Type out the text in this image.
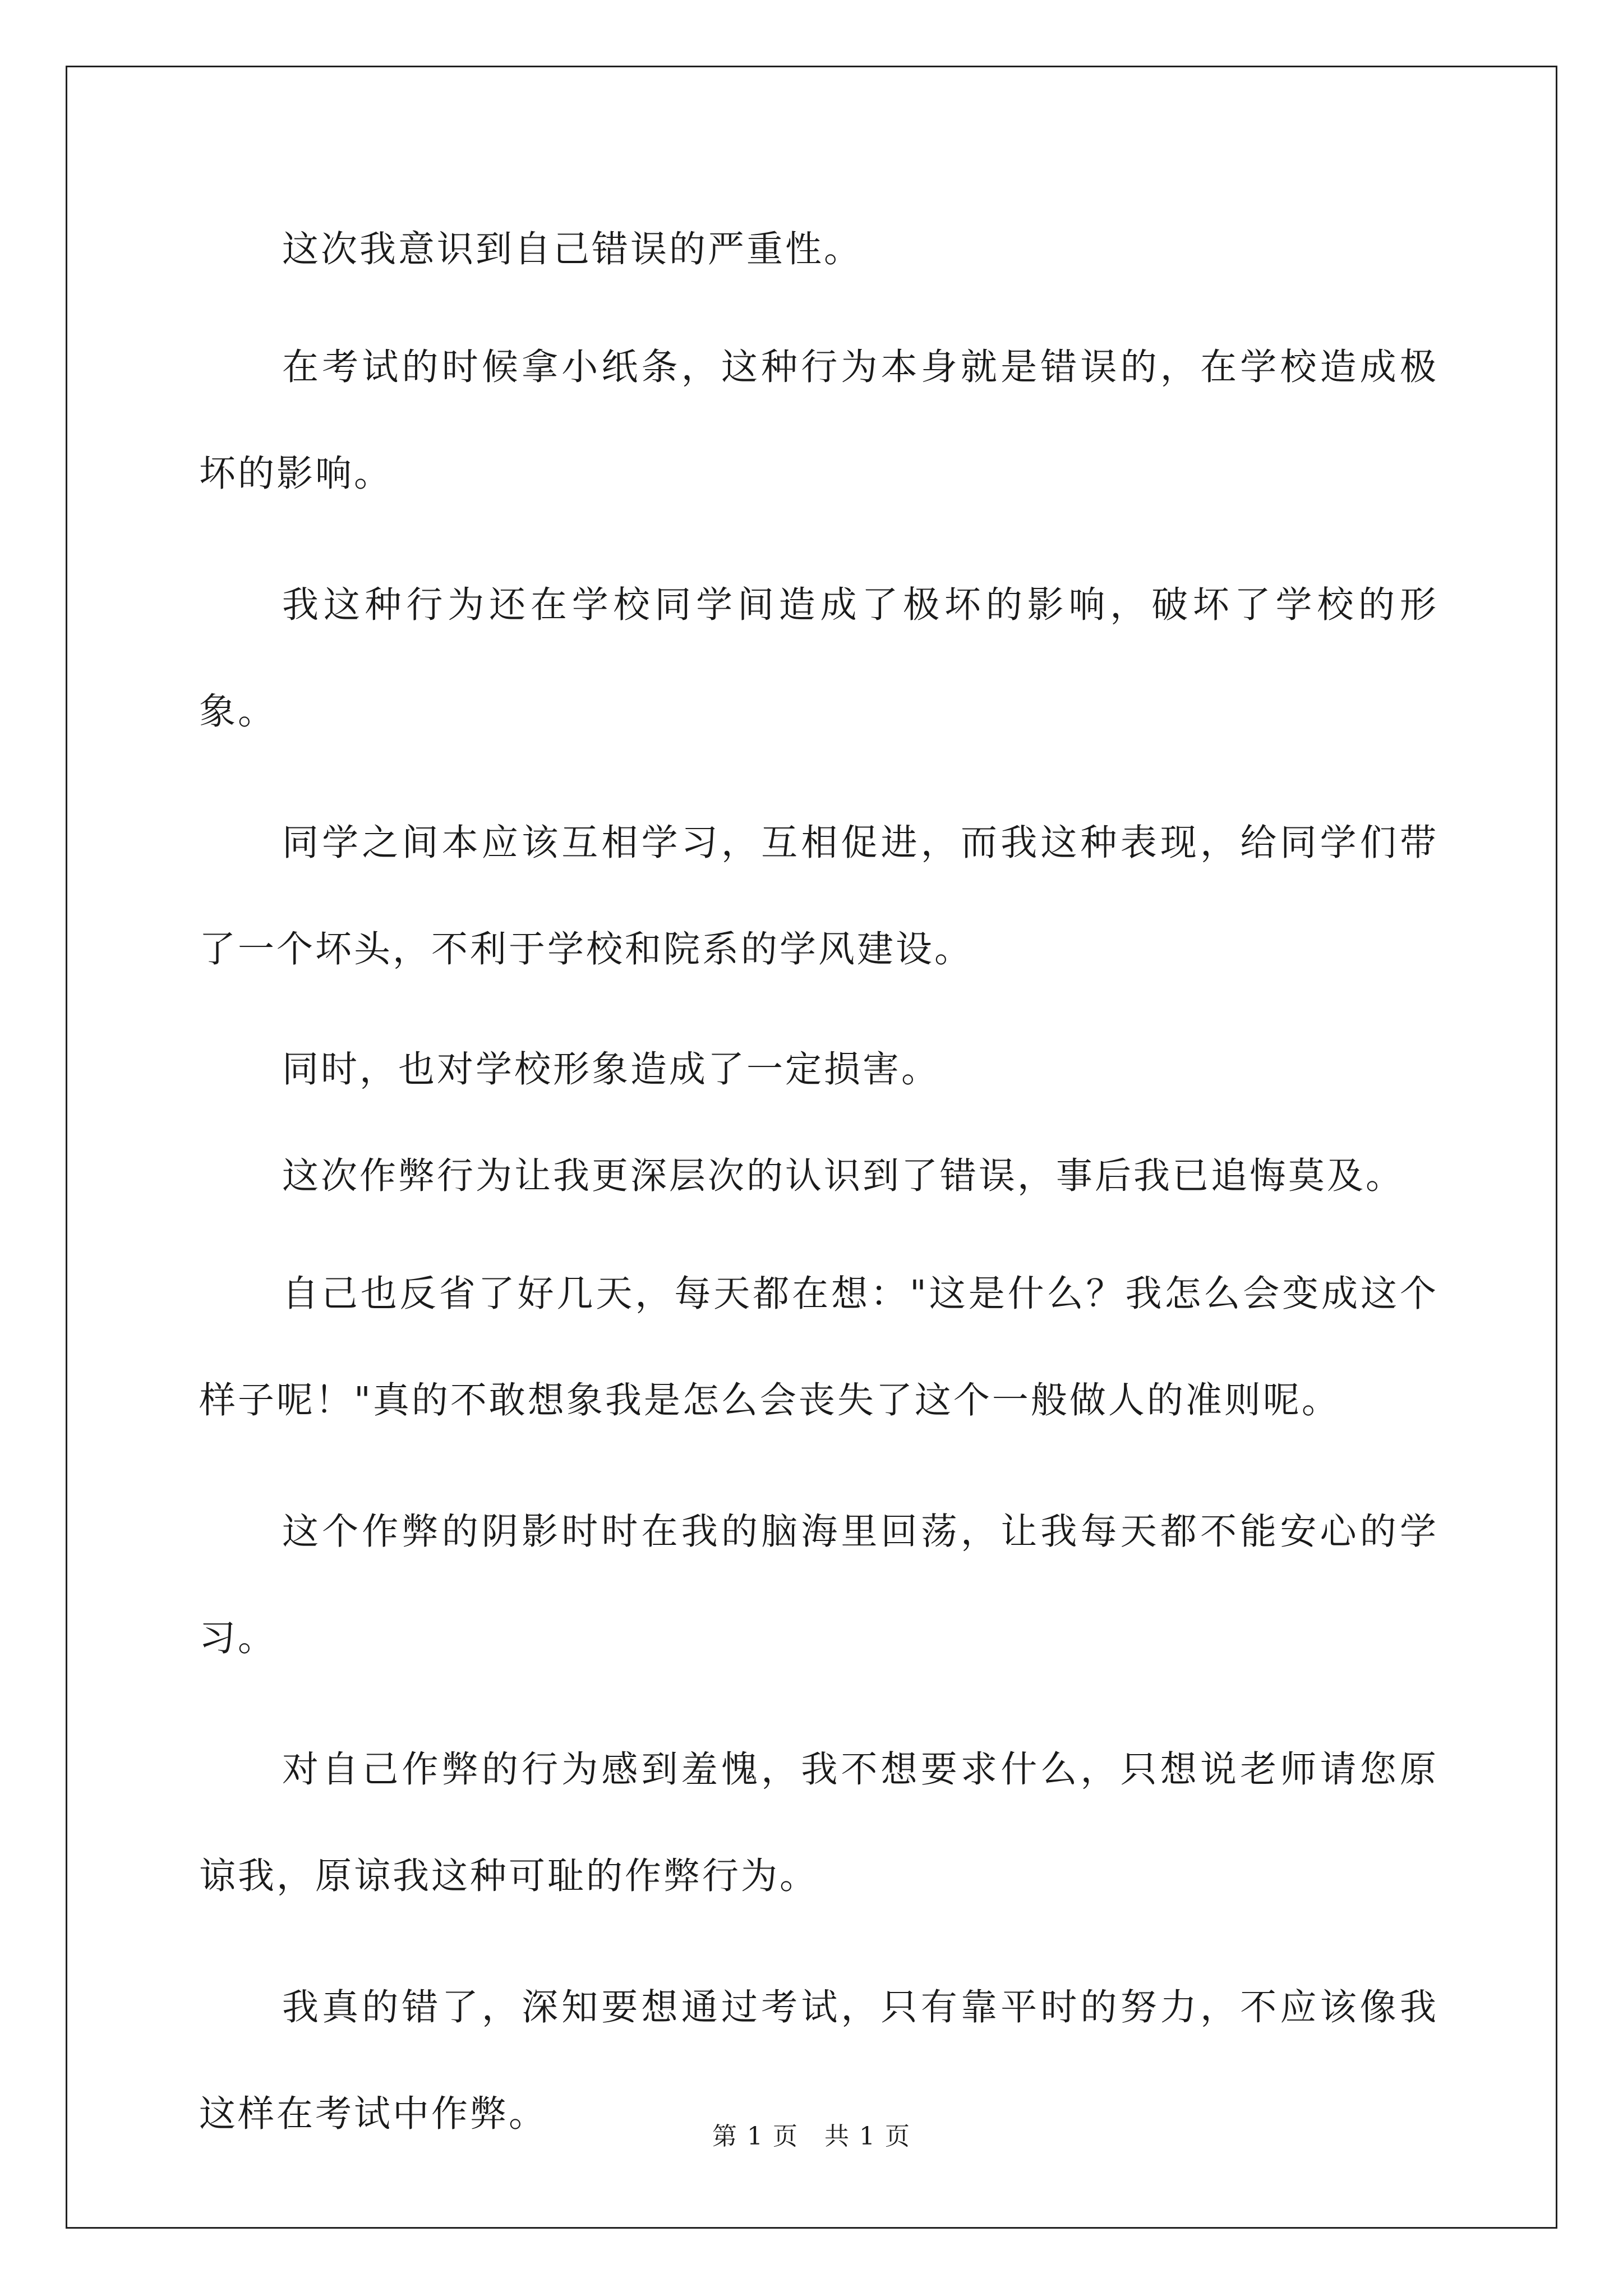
这次我意识到自己错误的严重性。

在考试的时候拿小纸条，这种行为本身就是错误的，在学校造成极坏的影响。

我这种行为还在学校同学间造成了极坏的影响，破坏了学校的形象。

同学之间本应该互相学习，互相促进，而我这种表现，给同学们带了一个坏头，不利于学校和院系的学风建设。

同时，也对学校形象造成了一定损害。

这次作弊行为让我更深层次的认识到了错误，事后我已追悔莫及。

自己也反省了好几天，每天都在想："这是什么？我怎么会变成这个样子呢！"真的不敢想象我是怎么会丧失了这个一般做人的准则呢。

这个作弊的阴影时时在我的脑海里回荡，让我每天都不能安心的学习。

对自己作弊的行为感到羞愧，我不想要求什么，只想说老师请您原谅我，原谅我这种可耻的作弊行为。

我真的错了，深知要想通过考试，只有靠平时的努力，不应该像我这样在考试中作弊。

第 1 页　共 1 页
